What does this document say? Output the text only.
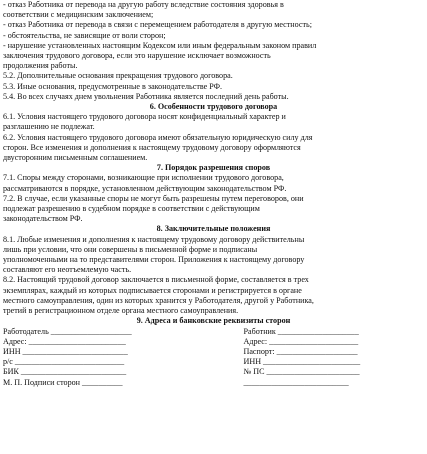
- отказ Работника от перевода на другую работу вследствие состояния здоровья в

соответствии с медицинским заключением;

- отказ Работника от перевода в связи с перемещением работодателя в другую местность;

- обстоятельства, не зависящие от воли сторон;

- нарушение установленных настоящим Кодексом или иным федеральным законом правил

заключения трудового договора, если это нарушение исключает возможность

продолжения работы.

5.2. Дополнительные основания прекращения трудового договора.

5.3. Иные основания, предусмотренные в законодательстве РФ.

5.4. Во всех случаях днем увольнения Работника является последний день работы.

6. Особенности трудового договора

6.1. Условия настоящего трудового договора носят конфиденциальный характер и

разглашению не подлежат.

6.2. Условия настоящего трудового договора имеют обязательную юридическую силу для

сторон. Все изменения и дополнения к настоящему трудовому договору оформляются

двусторонним письменным соглашением.

7. Порядок разрешения споров

7.1. Споры между сторонами, возникающие при исполнении трудового договора,

рассматриваются в порядке, установленном действующим законодательством РФ.

7.2. В случае, если указанные споры не могут быть разрешены путем переговоров, они

подлежат разрешению в судебном порядке в соответствии с действующим

законодательством РФ.

8. Заключительные положения

8.1. Любые изменения и дополнения к настоящему трудовому договору действительны

лишь при условии, что они совершены в письменной форме и подписаны

уполномоченными на то представителями сторон. Приложения к настоящему договору

составляют его неотъемлемую часть.

8.2. Настоящий трудовой договор заключается в письменной форме, составляется в трех

экземплярах, каждый из которых подписывается сторонами и регистрируется в органе

местного самоуправления, один из которых хранится у Работодателя, другой у Работника,

третий в регистрационном отделе органа местного самоуправления.

9. Адреса и банковские реквизиты сторон

Работодатель ____________________	Работник ____________________
Адрес: ________________________	Адрес: ______________________
ИНН __________________________	Паспорт: ____________________
р/с ___________________________	ИНН ________________________
БИК __________________________	№ ПС _______________________
М. П. Подписи сторон __________	__________________________
